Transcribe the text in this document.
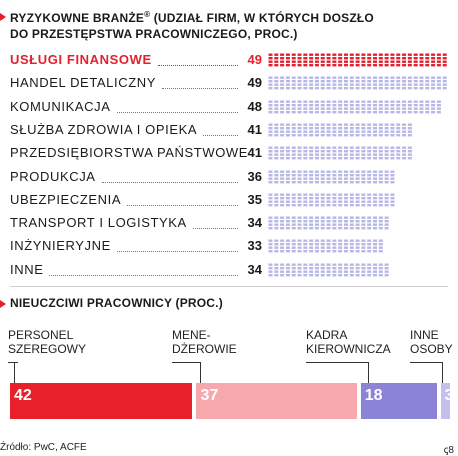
RYZYKOWNE BRANŻE® (UDZIAŁ FIRM, W KTÓRYCH DOSZŁO
DO PRZESTĘPSTWA PRACOWNICZEGO, PROC.)
USŁUGI FINANSOWE	49
HANDEL DETALICZNY	49
KOMUNIKACJA	48
SŁUŻBA ZDROWIA I OPIEKA	41
PRZEDSIĘBIORSTWA PAŃSTWOWE 41
PRODUKCJA	36
UBEZPIECZENIA	35
TRANSPORT I LOGISTYKA	34
INŻYNIERYJNE	33
INNE	34
NIEUCZCIWI PRACOWNICY (PROC.)
42	37	18	3
PERSONEL
SZEREGOWY
MENE-
DŻEROWIE
KADRA
KIEROWNICZA
INNE
OSOBY
Źródło: PwC, ACFE	ꞔ8
